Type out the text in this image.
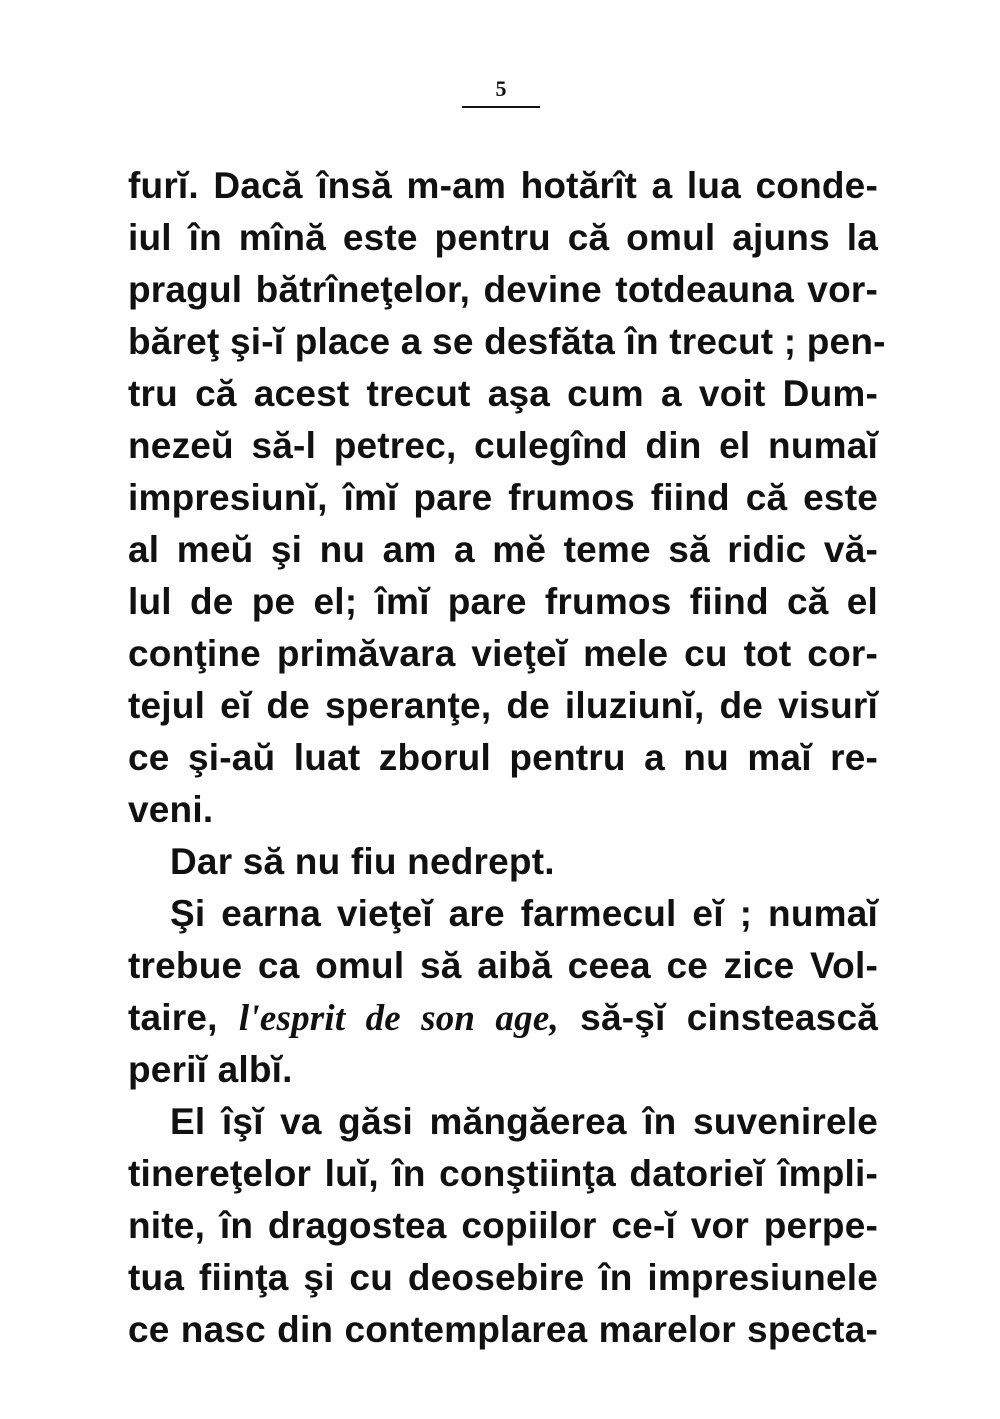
5
furĭ. Dacă însă m-am hotărît a lua conde-
iul în mînă este pentru că omul ajuns la
pragul bătrîneţelor, devine totdeauna vor-
băreţ şi-ĭ place a se desfăta în trecut ; pen-
tru că acest trecut aşa cum a voit Dum-
nezeŭ să-l petrec, culegînd din el numaĭ
impresiunĭ, îmĭ pare frumos fiind că este
al meŭ şi nu am a mĕ teme să ridic vă-
lul de pe el; îmĭ pare frumos fiind că el
conţine primăvara vieţeĭ mele cu tot cor-
tejul eĭ de speranţe, de iluziunĭ, de visurĭ
ce şi-aŭ luat zborul pentru a nu maĭ re-
veni.
Dar să nu fiu nedrept.
Şi earna vieţeĭ are farmecul eĭ ; numaĭ
trebue ca omul să aibă ceea ce zice Vol-
taire, l'esprit de son age, să-şĭ cinstească
periĭ albĭ.
El îşĭ va găsi măngăerea în suvenirele
tinereţelor luĭ, în conştiinţa datorieĭ împli-
nite, în dragostea copiilor ce-ĭ vor perpe-
tua fiinţa şi cu deosebire în impresiunele
ce nasc din contemplarea marelor specta-
